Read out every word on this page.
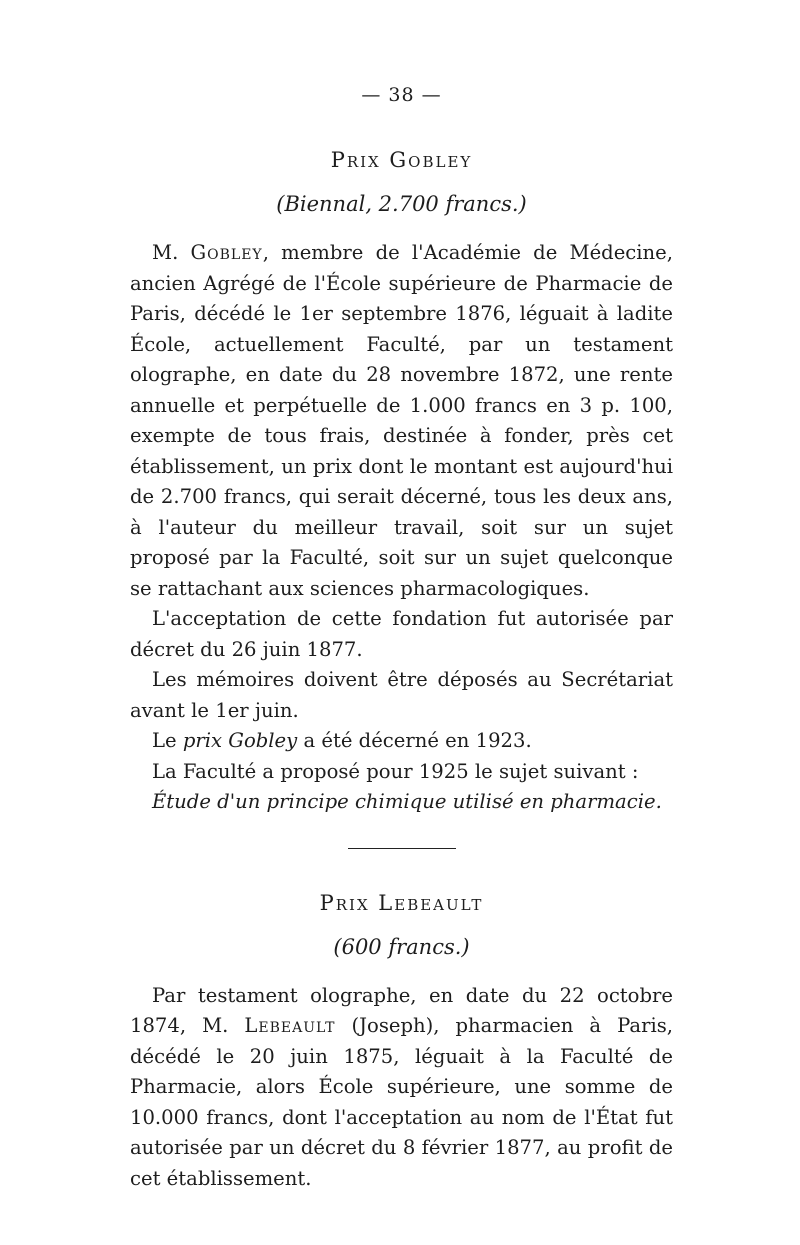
— 38 —
Prix Gobley
(Biennal, 2.700 francs.)

M. Gobley, membre de l'Académie de Médecine, ancien Agrégé de l'École supérieure de Pharmacie de Paris, décédé le 1er septembre 1876, léguait à ladite École, actuellement Faculté, par un testament olographe, en date du 28 novembre 1872, une rente annuelle et perpétuelle de 1.000 francs en 3 p. 100, exempte de tous frais, destinée à fonder, près cet établissement, un prix dont le montant est aujourd'hui de 2.700 francs, qui serait décerné, tous les deux ans, à l'auteur du meilleur travail, soit sur un sujet proposé par la Faculté, soit sur un sujet quelconque se rattachant aux sciences pharmacologiques.

L'acceptation de cette fondation fut autorisée par décret du 26 juin 1877.

Les mémoires doivent être déposés au Secrétariat avant le 1er juin.

Le prix Gobley a été décerné en 1923.

La Faculté a proposé pour 1925 le sujet suivant :

Étude d'un principe chimique utilisé en pharmacie.

Prix Lebeault
(600 francs.)

Par testament olographe, en date du 22 octobre 1874, M. Lebeault (Joseph), pharmacien à Paris, décédé le 20 juin 1875, léguait à la Faculté de Pharmacie, alors École supérieure, une somme de 10.000 francs, dont l'acceptation au nom de l'État fut autorisée par un décret du 8 février 1877, au profit de cet établissement.
